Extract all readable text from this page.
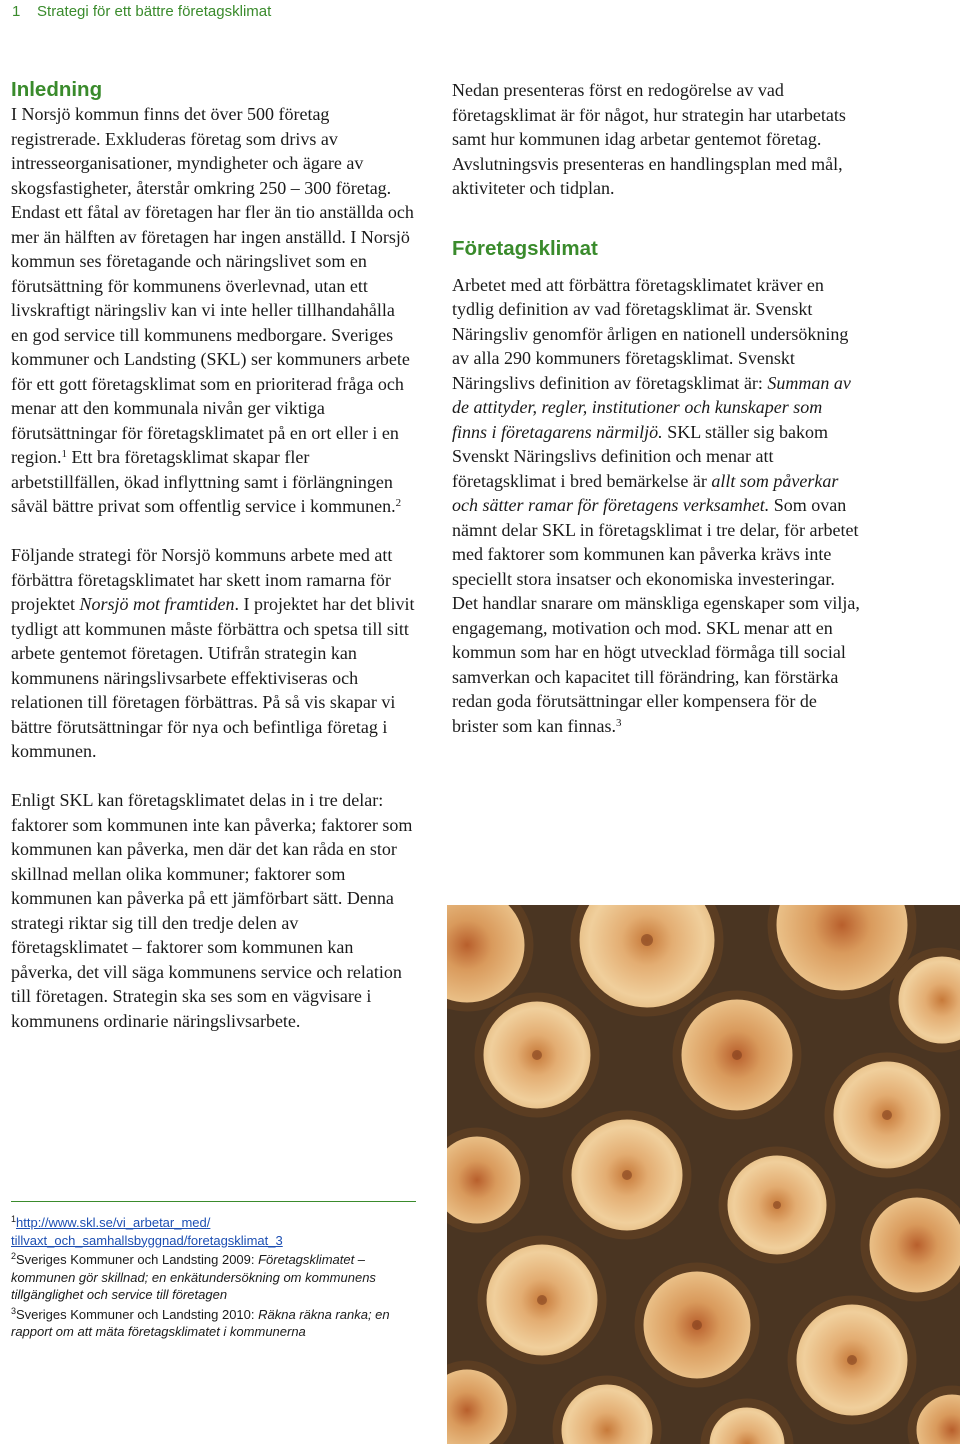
1 Strategi för ett bättre företagsklimat
Inledning

I Norsjö kommun finns det över 500 företag registrerade. Exkluderas företag som drivs av intresseorganisationer, myndigheter och ägare av skogsfastigheter, återstår omkring 250 – 300 företag. Endast ett fåtal av företagen har fler än tio anställda och mer än hälften av företagen har ingen anställd. I Norsjö kommun ses företagande och näringslivet som en förutsättning för kommunens överlevnad, utan ett livskraftigt näringsliv kan vi inte heller tillhandahålla en god service till kommunens medborgare. Sveriges kommuner och Landsting (SKL) ser kommuners arbete för ett gott företagsklimat som en prioriterad fråga och menar att den kommunala nivån ger viktiga förutsättningar för företagsklimatet på en ort eller i en region.$^1$ Ett bra företagsklimat skapar fler arbetstillfällen, ökad inflyttning samt i förlängningen såväl bättre privat som offentlig service i kommunen.$^2$

Följande strategi för Norsjö kommuns arbete med att förbättra företagsklimatet har skett inom ramarna för projektet Norsjö mot framtiden. I projektet har det blivit tydligt att kommunen måste förbättra och spetsa till sitt arbete gentemot företagen. Utifrån strategin kan kommunens näringslivsarbete effektiviseras och relationen till företagen förbättras. På så vis skapar vi bättre förutsättningar för nya och befintliga företag i kommunen.

Enligt SKL kan företagsklimatet delas in i tre delar: faktorer som kommunen inte kan påverka; faktorer som kommunen kan påverka, men där det kan råda en stor skillnad mellan olika kommuner; faktorer som kommunen kan påverka på ett jämförbart sätt. Denna strategi riktar sig till den tredje delen av företagsklimatet – faktorer som kommunen kan påverka, det vill säga kommunens service och relation till företagen. Strategin ska ses som en vägvisare i kommunens ordinarie näringslivsarbete.

Nedan presenteras först en redogörelse av vad företagsklimat är för något, hur strategin har utarbetats samt hur kommunen idag arbetar gentemot företag. Avslutningsvis presenteras en handlingsplan med mål, aktiviteter och tidplan.

Företagsklimat

Arbetet med att förbättra företagsklimatet kräver en tydlig definition av vad företagsklimat är. Svenskt Näringsliv genomför årligen en nationell undersökning av alla 290 kommuners företagsklimat. Svenskt Näringslivs definition av företagsklimat är: Summan av de attityder, regler, institutioner och kunskaper som finns i företagarens närmiljö. SKL ställer sig bakom Svenskt Näringslivs definition och menar att företagsklimat i bred bemärkelse är allt som påverkar och sätter ramar för företagens verksamhet. Som ovan nämnt delar SKL in företagsklimat i tre delar, för arbetet med faktorer som kommunen kan påverka krävs inte speciellt stora insatser och ekonomiska investeringar. Det handlar snarare om mänskliga egenskaper som vilja, engagemang, motivation och mod. SKL menar att en kommun som har en högt utvecklad förmåga till social samverkan och kapacitet till förändring, kan förstärka redan goda förutsättningar eller kompensera för de brister som kan finnas.$^3$

$^1$http://www.skl.se/vi_arbetar_med/
tillvaxt_och_samhallsbyggnad/foretagsklimat_3
$^2$Sveriges Kommuner och Landsting 2009: Företagsklimatet – kommunen gör skillnad; en enkätundersökning om kommunens tillgänglighet och service till företagen
$^3$Sveriges Kommuner och Landsting 2010: Räkna räkna ranka; en rapport om att mäta företagsklimatet i kommunerna
